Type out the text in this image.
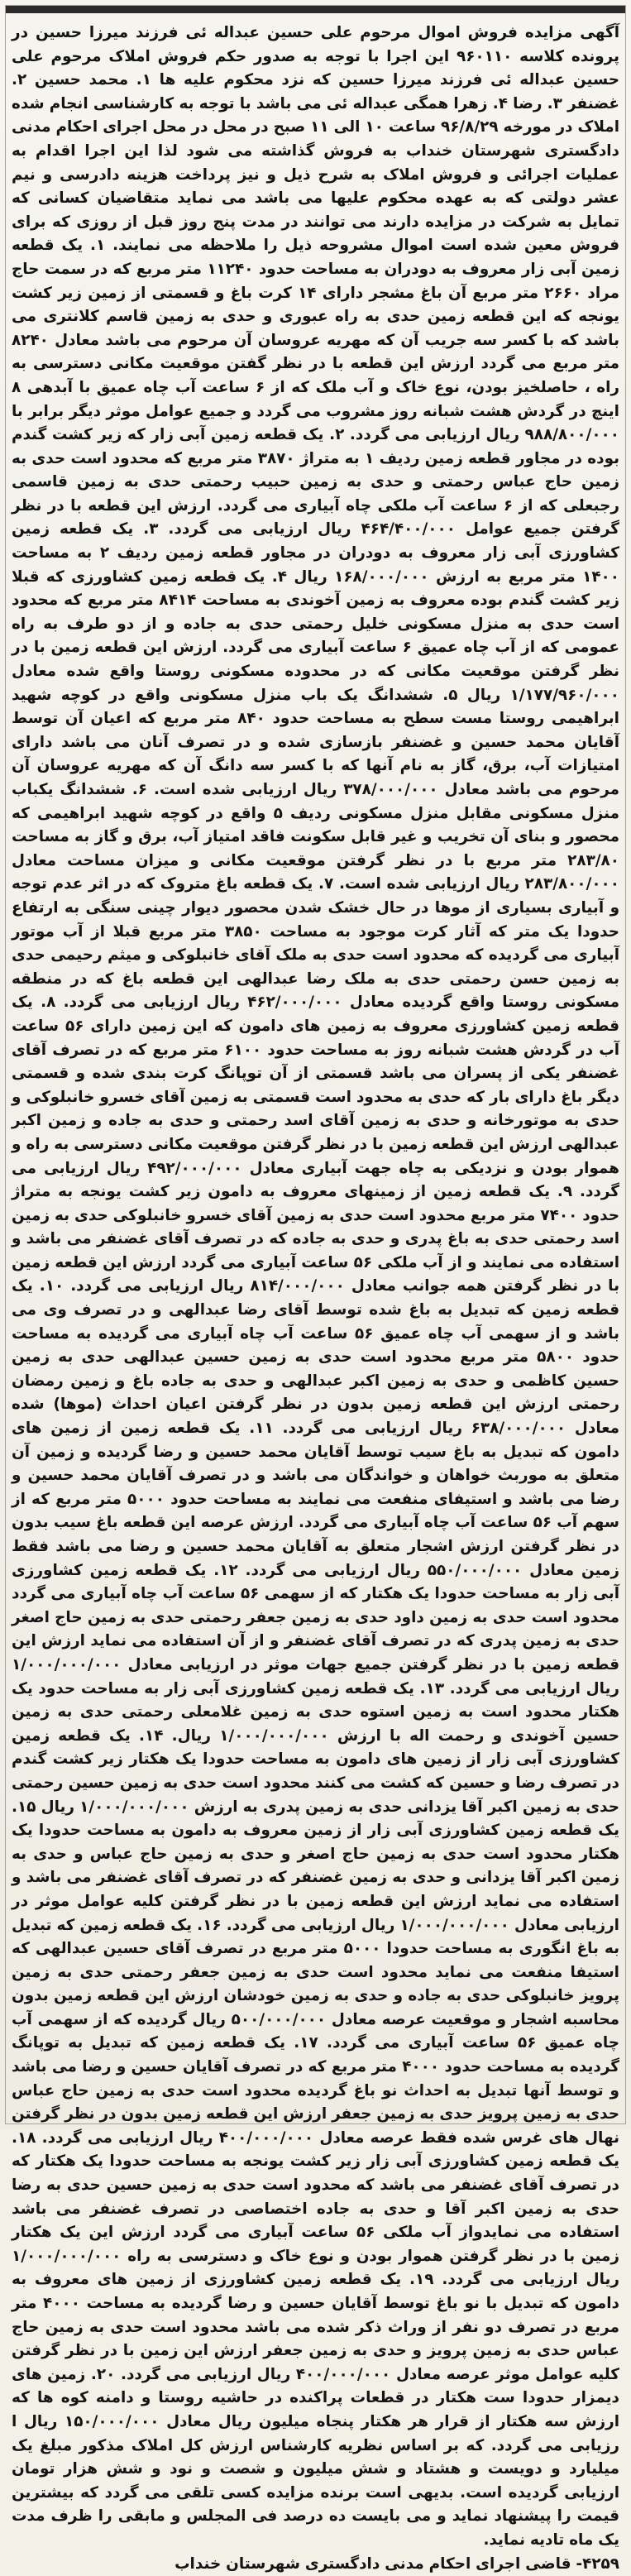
آگهی مزایده فروش اموال مرحوم علی حسین عبداله ئی فرزند میرزا حسین در پرونده کلاسه ۹۶۰۱۱۰ این اجرا با توجه به صدور حکم فروش املاک مرحوم علی حسین عبداله ئی فرزند میرزا حسین که نزد محکوم علیه ها ۱. محمد حسین ۲. غضنفر ۳. رضا ۴. زهرا همگی عبداله ئی می باشد با توجه به کارشناسی انجام شده املاک در مورخه ۹۶/۸/۲۹ ساعت ۱۰ الی ۱۱ صبح در محل در محل اجرای احکام مدنی دادگستری شهرستان خنداب به فروش گذاشته می شود لذا این اجرا اقدام به عملیات اجرائی و فروش املاک به شرح ذیل و نیز پرداخت هزینه دادرسی و نیم عشر دولتی که به عهده محکوم علیها می باشد می نماید متقاضیان کسانی که تمایل به شرکت در مزایده دارند می توانند در مدت پنج روز قبل از روزی که برای فروش معین شده است اموال مشروحه ذیل را ملاحظه می نمایند. ۱. یک قطعه زمین آبی زار معروف به دودران به مساحت حدود ۱۱۲۴۰ متر مربع که در سمت حاج مراد ۲۶۶۰ متر مربع آن باغ مشجر دارای ۱۴ کرت باغ و قسمتی از زمین زیر کشت یونجه که این قطعه زمین حدی به راه عبوری و حدی به زمین قاسم کلانتری می باشد که با کسر سه جریب آن که مهریه عروسان آن مرحوم می باشد معادل ۸۲۴۰ متر مربع می گردد ارزش این قطعه با در نظر گفتن موقعیت مکانی دسترسی به راه ، حاصلخیز بودن، نوع خاک و آب ملک که از ۶ ساعت آب چاه عمیق با آبدهی ۸ اینچ در گردش هشت شبانه روز مشروب می گردد و جمیع عوامل موثر دیگر برابر با ۹۸۸/۸۰۰/۰۰۰ ریال ارزیابی می گردد. ۲. یک قطعه زمین آبی زار که زیر کشت گندم بوده در مجاور قطعه زمین ردیف ۱ به متراژ ۳۸۷۰ متر مربع که محدود است حدی به زمین حاج عباس رحمتی و حدی به زمین حبیب رحمتی حدی به زمین قاسمی رجبعلی که از ۶ ساعت آب ملکی چاه آبیاری می گردد. ارزش این قطعه با در نظر گرفتن جمیع عوامل ۴۶۴/۴۰۰/۰۰۰ ریال ارزیابی می گردد. ۳. یک قطعه زمین کشاورزی آبی زار معروف به دودران در مجاور قطعه زمین ردیف ۲ به مساحت ۱۴۰۰ متر مربع به ارزش ۱۶۸/۰۰۰/۰۰۰ ریال ۴. یک قطعه زمین کشاورزی که قبلا زیر کشت گندم بوده معروف به زمین آخوندی به مساحت ۸۴۱۴ متر مربع که محدود است حدی به منزل مسکونی خلیل رحمتی حدی به جاده و از دو طرف به راه عمومی که از آب چاه عمیق ۶ ساعت آبیاری می گردد. ارزش این قطعه زمین با در نظر گرفتن موقعیت مکانی که در محدوده مسکونی روستا واقع شده معادل ۱/۱۷۷/۹۶۰/۰۰۰ ریال ۵. ششدانگ یک باب منزل مسکونی واقع در کوچه شهید ابراهیمی روستا مست سطح به مساحت حدود ۸۴۰ متر مربع که اعیان آن توسط آقایان محمد حسین و غضنفر بازسازی شده و در تصرف آنان می باشد دارای امتیازات آب، برق، گاز به نام آنها که با کسر سه دانگ آن که مهریه عروسان آن مرحوم می باشد معادل ۳۷۸/۰۰۰/۰۰۰ ریال ارزیابی شده است. ۶. ششدانگ یکباب منزل مسکونی مقابل منزل مسکونی ردیف ۵ واقع در کوچه شهید ابراهیمی که محصور و بنای آن تخریب و غیر قابل سکونت فاقد امتیاز آب، برق و گاز به مساحت ۲۸۳/۸۰ متر مربع با در نظر گرفتن موقعیت مکانی و میزان مساحت معادل ۲۸۳/۸۰۰/۰۰۰ ریال ارزیابی شده است. ۷. یک قطعه باغ متروک که در اثر عدم توجه و آبیاری بسیاری از موها در حال خشک شدن محصور دیوار چینی سنگی به ارتفاع حدودا یک متر که آثار کرت موجود به مساحت ۳۸۵۰ متر مربع قبلا از آب موتور آبیاری می گردیده که محدود است حدی به ملک آقای خانبلوکی و میثم رحیمی حدی به زمین حسن رحمتی حدی به ملک رضا عبدالهی این قطعه باغ که در منطقه مسکونی روستا واقع گردیده معادل ۴۶۲/۰۰۰/۰۰۰ ریال ارزیابی می گردد. ۸. یک قطعه زمین کشاورزی معروف به زمین های دامون که این زمین دارای ۵۶ ساعت آب در گردش هشت شبانه روز به مساحت حدود ۶۱۰۰ متر مربع که در تصرف آقای غضنفر یکی از پسران می باشد قسمتی از آن توپانگ کرت بندی شده و قسمتی دیگر باغ دارای بار که حدی به محدود است قسمتی به زمین آقای خسرو خانبلوکی و حدی به موتورخانه و حدی به زمین آقای اسد رحمتی و حدی به جاده و زمین اکبر عبدالهی ارزش این قطعه زمین با در نظر گرفتن موقعیت مکانی دسترسی به راه و هموار بودن و نزدیکی به چاه جهت آبیاری معادل ۴۹۲/۰۰۰/۰۰۰ ریال ارزیابی می گردد. ۹. یک قطعه زمین از زمینهای معروف به دامون زیر کشت یونجه به متراژ حدود ۷۴۰۰ متر مربع محدود است حدی به زمین آقای خسرو خانبلوکی حدی به زمین اسد رحمتی حدی به باغ پدری و حدی به جاده که در تصرف آقای غضنفر می باشد و استفاده می نمایند و از آب ملکی ۵۶ ساعت آبیاری می گردد ارزش این قطعه زمین با در نظر گرفتن همه جوانب معادل ۸۱۴/۰۰۰/۰۰۰ ریال ارزیابی می گردد. ۱۰. یک قطعه زمین که تبدیل به باغ شده توسط آقای رضا عبدالهی و در تصرف وی می باشد و از سهمی آب چاه عمیق ۵۶ ساعت آب چاه آبیاری می گردیده به مساحت حدود ۵۸۰۰ متر مربع محدود است حدی به زمین حسین عبدالهی حدی به زمین حسین کاظمی و حدی به زمین اکبر عبدالهی و حدی به جاده باغ و زمین رمضان رحمتی ارزش این قطعه زمین بدون در نظر گرفتن اعیان احداث (موها) شده معادل ۶۳۸/۰۰۰/۰۰۰ ریال ارزیابی می گردد. ۱۱. یک قطعه زمین از زمین های دامون که تبدیل به باغ سیب توسط آقایان محمد حسین و رضا گردیده و زمین آن متعلق به موربث خواهان و خواندگان می باشد و در تصرف آقایان محمد حسین و رضا می باشد و استیفای منفعت می نمایند به مساحت حدود ۵۰۰۰ متر مربع که از سهم آب ۵۶ ساعت آب چاه آبیاری می گردد. ارزش عرصه این قطعه باغ سیب بدون در نظر گرفتن ارزش اشجار متعلق به آقایان محمد حسین و رضا می باشد فقط زمین معادل ۵۵۰/۰۰۰/۰۰۰ ریال ارزیابی می گردد. ۱۲. یک قطعه زمین کشاورزی آبی زار به مساحت حدودا یک هکتار که از سهمی ۵۶ ساعت آب چاه آبیاری می گردد محدود است حدی به زمین داود حدی به زمین جعفر رحمتی حدی به زمین حاج اصغر حدی به زمین پدری که در تصرف آقای غضنفر و از آن استفاده می نماید ارزش این قطعه زمین با در نظر گرفتن جمیع جهات موثر در ارزیابی معادل ۱/۰۰۰/۰۰۰/۰۰۰ ریال ارزیابی می گردد. ۱۳. یک قطعه زمین کشاورزی آبی زار به مساحت حدود یک هکتار محدود است به زمین استوه حدی به زمین غلامعلی رحمتی حدی به زمین حسین آخوندی و رحمت اله با ارزش ۱/۰۰۰/۰۰۰/۰۰۰ ریال. ۱۴. یک قطعه زمین کشاورزی آبی زار از زمین های دامون به مساحت حدودا یک هکتار زیر کشت گندم در تصرف رضا و حسین که کشت می کنند محدود است حدی به زمین حسین رحمتی حدی به زمین اکبر آقا یزدانی حدی به زمین پدری به ارزش ۱/۰۰۰/۰۰۰/۰۰۰ ریال ۱۵. یک قطعه زمین کشاورزی آبی زار از زمین معروف به دامون به مساحت حدودا یک هکتار محدود است حدی به زمین حاج اصغر و حدی به زمین حاج عباس و حدی به زمین اکبر آقا یزدانی و حدی به زمین غضنفر که در تصرف آقای غضنفر می باشد و استفاده می نماید ارزش این قطعه زمین با در نظر گرفتن کلیه عوامل موثر در ارزیابی معادل ۱/۰۰۰/۰۰۰/۰۰۰ ریال ارزیابی می گردد. ۱۶. یک قطعه زمین که تبدیل به باغ انگوری به مساحت حدودا ۵۰۰۰ متر مربع در تصرف آقای حسین عبدالهی که استیفا منفعت می نماید محدود است حدی به زمین جعفر رحمتی حدی به زمین پرویز خانبلوکی حدی به جاده و حدی به زمین خودشان ارزش این قطعه زمین بدون محاسبه اشجار و موقعیت عرصه معادل ۵۰۰/۰۰۰/۰۰۰ ریال گردیده که از سهمی آب چاه عمیق ۵۶ ساعت آبیاری می گردد. ۱۷. یک قطعه زمین که تبدیل به توپانگ گردیده به مساحت حدود ۴۰۰۰ متر مربع که در تصرف آقایان حسین و رضا می باشد و توسط آنها تبدیل به احداث نو باغ گردیده محدود است حدی به زمین حاج عباس حدی به زمین پرویز حدی به زمین جعفر ارزش این قطعه زمین بدون در نظر گرفتن نهال های غرس شده فقط عرصه معادل ۴۰۰/۰۰۰/۰۰۰ ریال ارزیابی می گردد. ۱۸. یک قطعه زمین کشاورزی آبی زار زیر کشت یونجه به مساحت حدودا یک هکتار که در تصرف آقای غضنفر می باشد که محدود است حدی به زمین حسین حدی به رضا حدی به زمین اکبر آقا و حدی به جاده اختصاصی در تصرف غضنفر می باشد استفاده می نمایدواز آب ملکی ۵۶ ساعت آبیاری می گردد ارزش این یک هکتار زمین با در نظر گرفتن هموار بودن و نوع خاک و دسترسی به راه ۱/۰۰۰/۰۰۰/۰۰۰ ریال ارزیابی می گردد. ۱۹. یک قطعه زمین کشاورزی از زمین های معروف به دامون که تبدیل با نو باغ توسط آقایان حسین و رضا گردیده به مساحت ۴۰۰۰ متر مربع در تصرف دو نفر از وراث ذکر شده می باشد محدود است حدی به زمین حاج عباس حدی به زمین پرویز و حدی به زمین جعفر ارزش این زمین با در نظر گرفتن کلیه عوامل موثر عرصه معادل ۴۰۰/۰۰۰/۰۰۰ ریال ارزیابی می گردد. ۲۰. زمین های دیمزار حدودا ست هکتار در قطعات پراکنده در حاشیه روستا و دامنه کوه ها که ارزش سه هکتار از قرار هر هکتار پنجاه میلیون ریال معادل ۱۵۰/۰۰۰/۰۰۰ ریال ا رزیابی می گردد. که بر اساس نظریه کارشناس ارزش کل املاک مذکور مبلغ یک میلیارد و دویست و هشتاد و شش میلیون و شصت و نود و شش هزار تومان ارزیابی گردیده است. بدیهی است برنده مزایده کسی تلقی می گردد که بیشترین قیمت را پیشنهاد نماید و می بایست ده درصد فی المجلس و مابقی را ظرف مدت یک ماه تادیه نماید.

۴۲۵۹- قاضی اجرای احکام مدنی دادگستری شهرستان خنداب
